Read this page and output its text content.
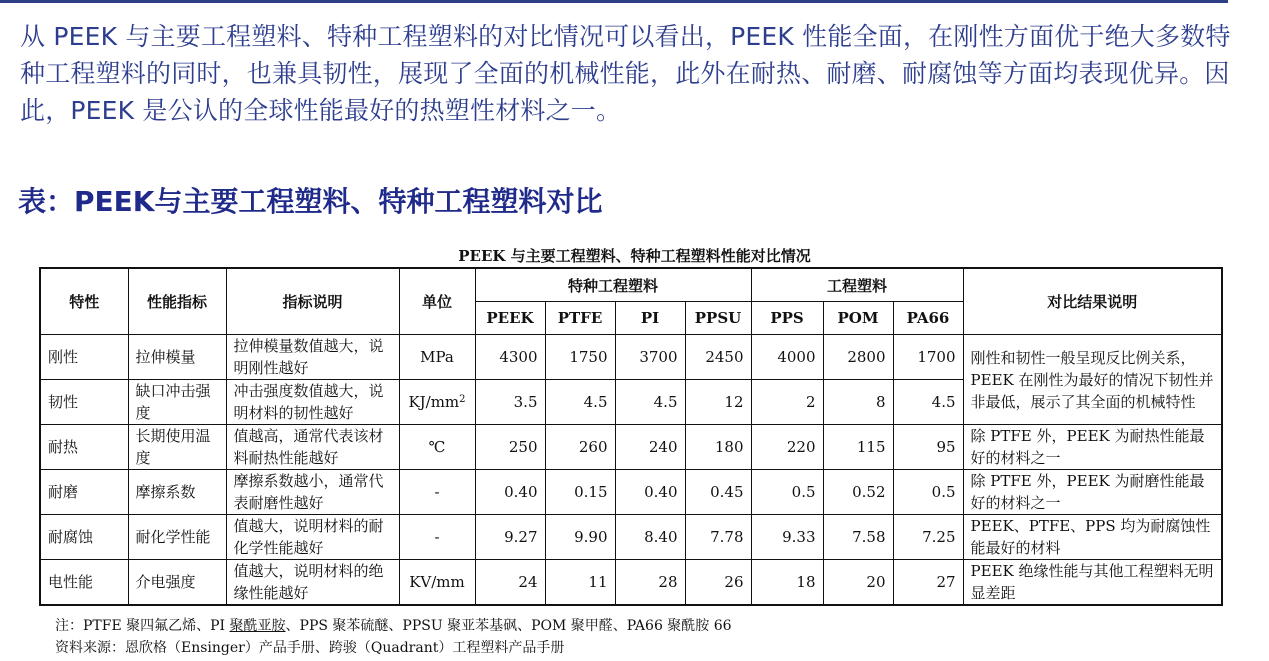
从 PEEK 与主要工程塑料、特种工程塑料的对比情况可以看出，PEEK 性能全面，在刚性方面优于绝大多数特种工程塑料的同时，也兼具韧性，展现了全面的机械性能，此外在耐热、耐磨、耐腐蚀等方面均表现优异。因此，PEEK 是公认的全球性能最好的热塑性材料之一。
表：PEEK与主要工程塑料、特种工程塑料对比
PEEK 与主要工程塑料、特种工程塑料性能对比情况
特性	性能指标	指标说明	单位	特种工程塑料				工程塑料			对比结果说明
				PEEK	PTFE	PI	PPSU	PPS	POM	PA66	
刚性	拉伸模量	拉伸模量数值越大，说明刚性越好	MPa	4300	1750	3700	2450	4000	2800	1700	刚性和韧性一般呈现反比例关系，PEEK 在刚性为最好的情况下韧性并非最低，展示了其全面的机械特性
韧性	缺口冲击强度	冲击强度数值越大，说明材料的韧性越好	$KJ/mm^2$	3.5	4.5	4.5	12	2	8	4.5	
耐热	长期使用温度	值越高，通常代表该材料耐热性能越好	℃	250	260	240	180	220	115	95	除 PTFE 外，PEEK 为耐热性能最好的材料之一
耐磨	摩擦系数	摩擦系数越小，通常代表耐磨性越好	-	0.40	0.15	0.40	0.45	0.5	0.52	0.5	除 PTFE 外，PEEK 为耐磨性能最好的材料之一
耐腐蚀	耐化学性能	值越大，说明材料的耐化学性能越好	-	9.27	9.90	8.40	7.78	9.33	7.58	7.25	PEEK、PTFE、PPS 均为耐腐蚀性能最好的材料
电性能	介电强度	值越大，说明材料的绝缘性能越好	KV/mm	24	11	28	26	18	20	27	PEEK 绝缘性能与其他工程塑料无明显差距
注：PTFE 聚四氟乙烯、PI 聚酰亚胺、PPS 聚苯硫醚、PPSU 聚亚苯基砜、POM 聚甲醛、PA66 聚酰胺 66
资料来源：恩欣格（Ensinger）产品手册、跨骏（Quadrant）工程塑料产品手册
